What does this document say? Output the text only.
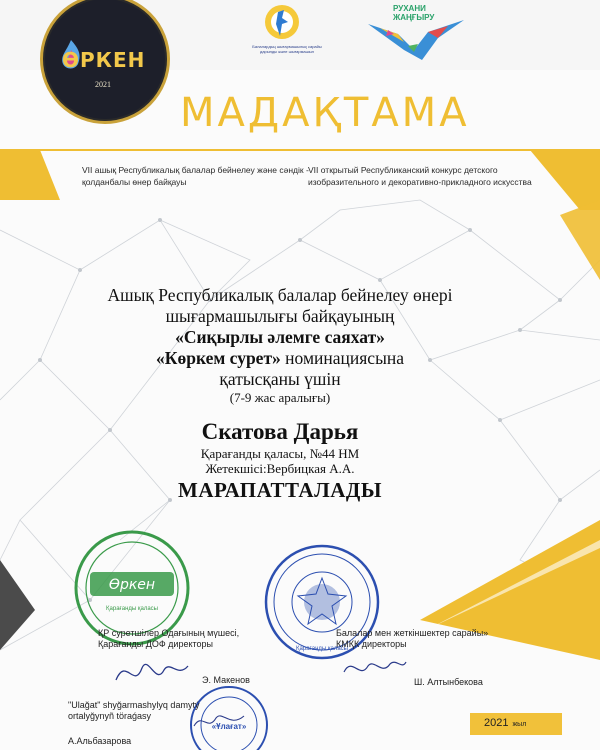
ӨРКЕН
2021
Балалардың шығармашылық сарайы дарынды және шығармашыл
РУХАНИ
ЖАҢҒЫРУ
МАДАҚТАМА
VII ашық Республикалық балалар бейнелеу және сәндік - қолданбалы өнер байқауы
VII открытый Республиканский конкурс детского изобразительного и декоративно-прикладного искусства
Ашық Республикалық балалар бейнелеу өнері
шығармашылығы байқауының
«Сиқырлы әлемге саяхат»
«Көркем сурет» номинациясына
қатысқаны үшін
(7-9 жас аралығы)
Скатова Дарья
Қарағанды қаласы, №44 НМ
Жетекшісі:Вербицкая А.А.
МАРАПАТТАЛАДЫ
Өркен
Қарағанды қаласы
Қарағанды қаласы
«Ұлағат»
ҚР суретшілер Одағының мүшесі, Қарағанды ДОФ директоры
Э. Макенов
Балалар мен жеткіншектер сарайы» КМҚК директоры
Ш. Алтынбекова
"Ulağat" shyğarmashylyq damytý ortalyğynyñ töraǵasy
А.Альбазарова
2021 жыл
